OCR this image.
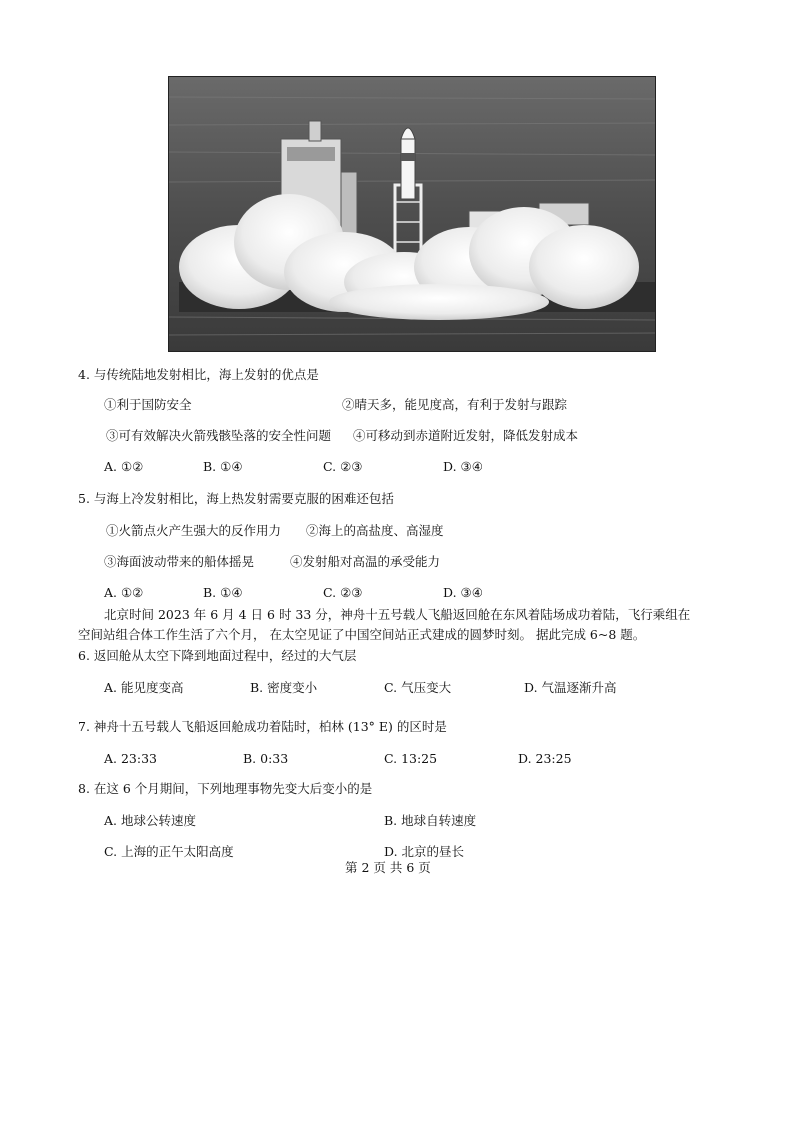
4. 与传统陆地发射相比，海上发射的优点是
①利于国防安全	②晴天多，能见度高，有利于发射与跟踪
③可有效解决火箭残骸坠落的安全性问题 ④可移动到赤道附近发射，降低发射成本
A. ①②	B. ①④	C. ②③	D. ③④
5. 与海上冷发射相比，海上热发射需要克服的困难还包括
①火箭点火产生强大的反作用力 ②海上的高盐度、高湿度
③海面波动带来的船体摇晃	④发射船对高温的承受能力
A. ①②	B. ①④	C. ②③	D. ③④
北京时间 2023 年 6 月 4 日 6 时 33 分，神舟十五号载人飞船返回舱在东风着陆场成功着陆，飞行乘组在
空间站组合体工作生活了六个月， 在太空见证了中国空间站正式建成的圆梦时刻。 据此完成 6~8 题。
6. 返回舱从太空下降到地面过程中，经过的大气层
A. 能见度变高	B. 密度变小	C. 气压变大	D. 气温逐渐升高
7. 神舟十五号载人飞船返回舱成功着陆时，柏林 (13° E) 的区时是
A. 23:33	B. 0:33	C. 13:25	D. 23:25
8. 在这 6 个月期间，下列地理事物先变大后变小的是
A. 地球公转速度	B. 地球自转速度
C. 上海的正午太阳高度	D. 北京的昼长
第 2 页 共 6 页
